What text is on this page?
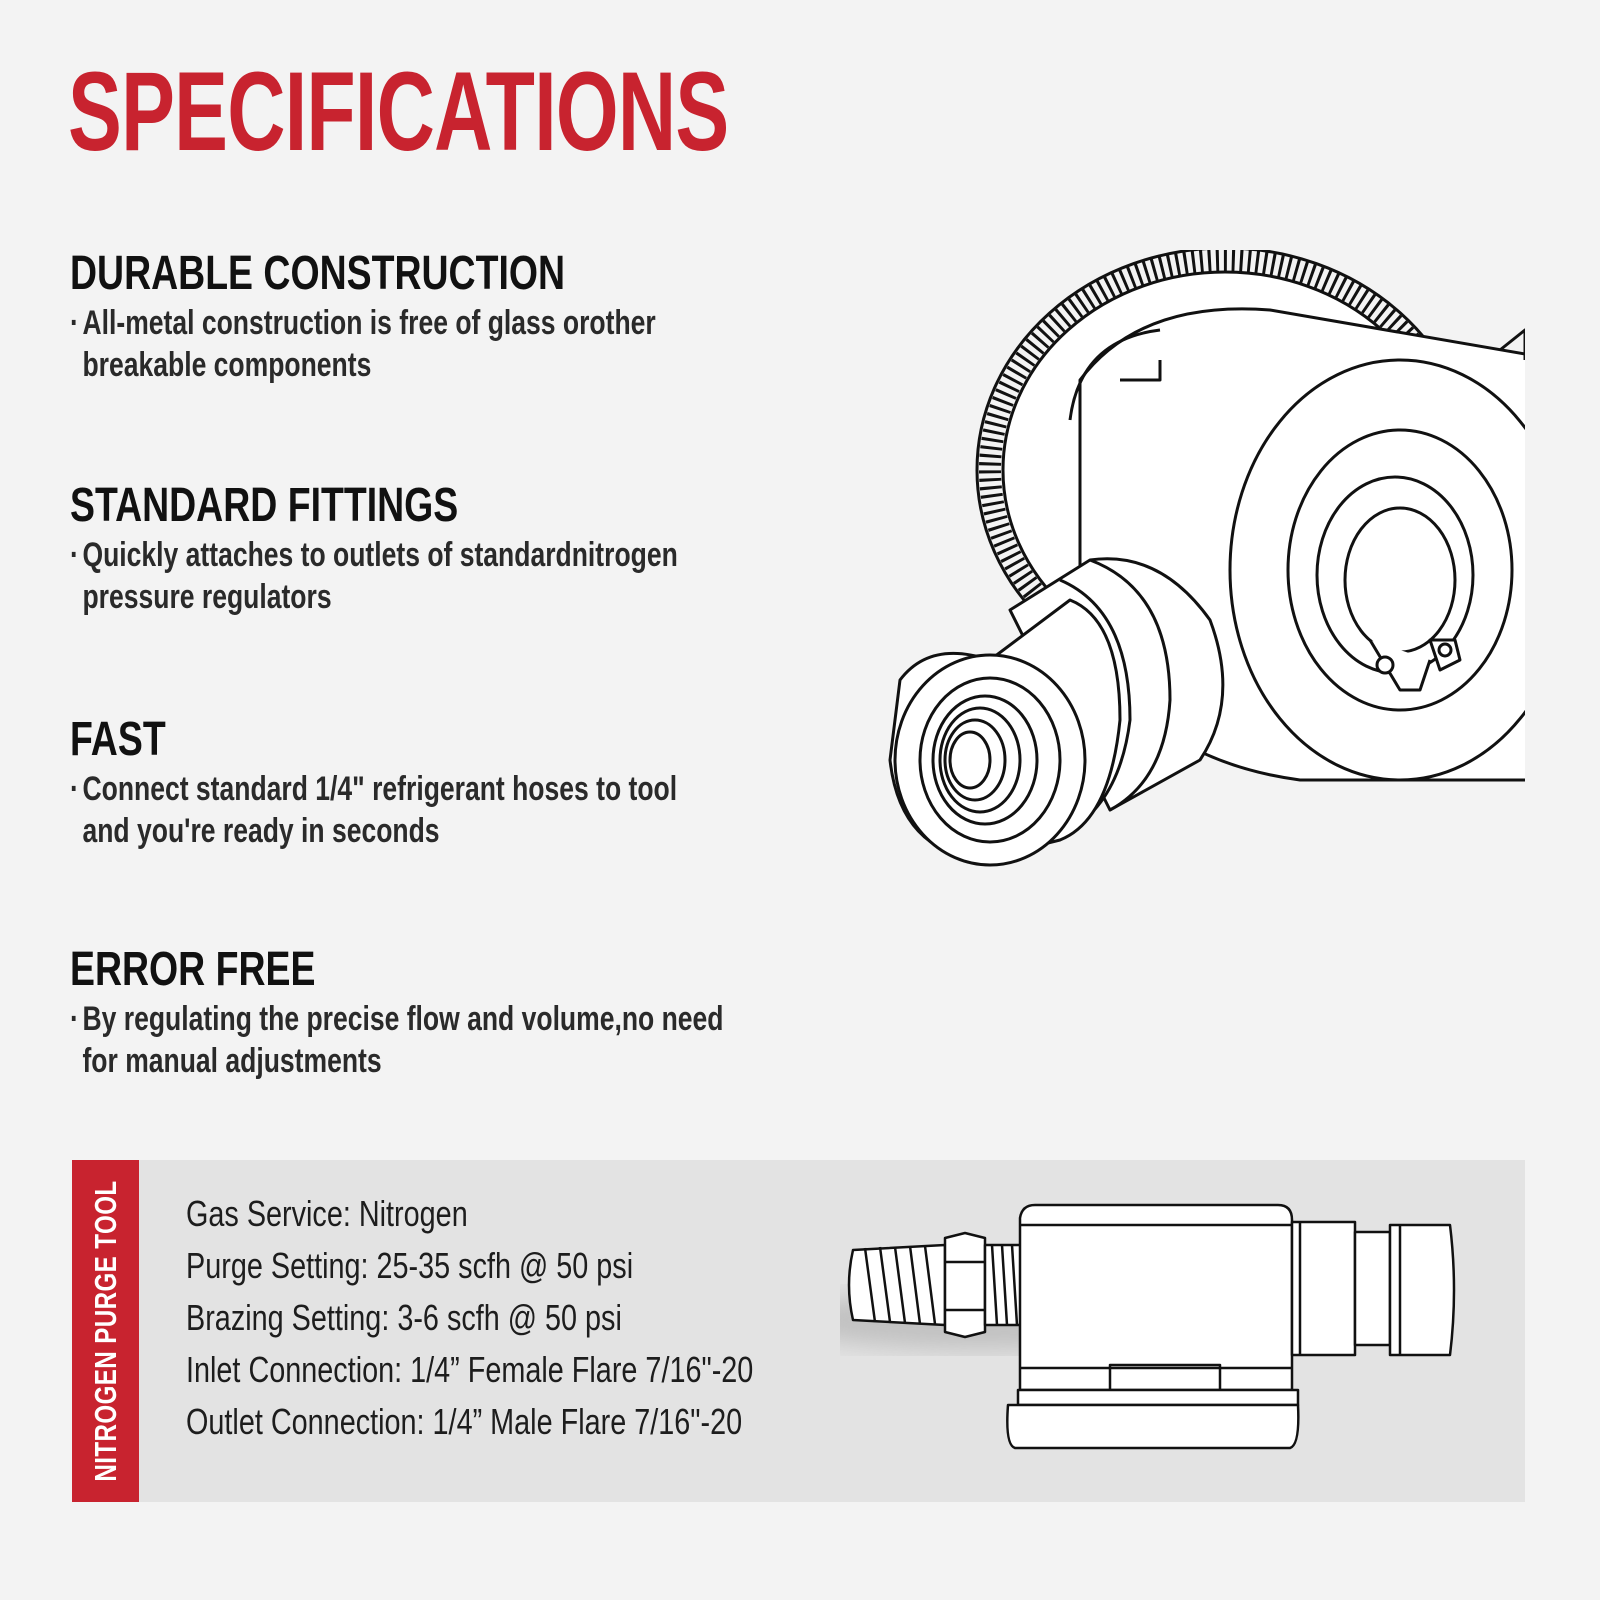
SPECIFICATIONS
DURABLE CONSTRUCTION
· All-metal construction is free of glass orother
breakable components
STANDARD FITTINGS
· Quickly attaches to outlets of standardnitrogen
pressure regulators
FAST
· Connect standard 1/4" refrigerant hoses to tool
and you're ready in seconds
ERROR FREE
· By regulating the precise flow and volume,no need
for manual adjustments
NITROGEN PURGE TOOL Gas Service: Nitrogen
Purge Setting: 25-35 scfh @ 50 psi
Brazing Setting: 3-6 scfh @ 50 psi
Inlet Connection: 1/4” Female Flare 7/16"-20
Outlet Connection: 1/4” Male Flare 7/16"-20
